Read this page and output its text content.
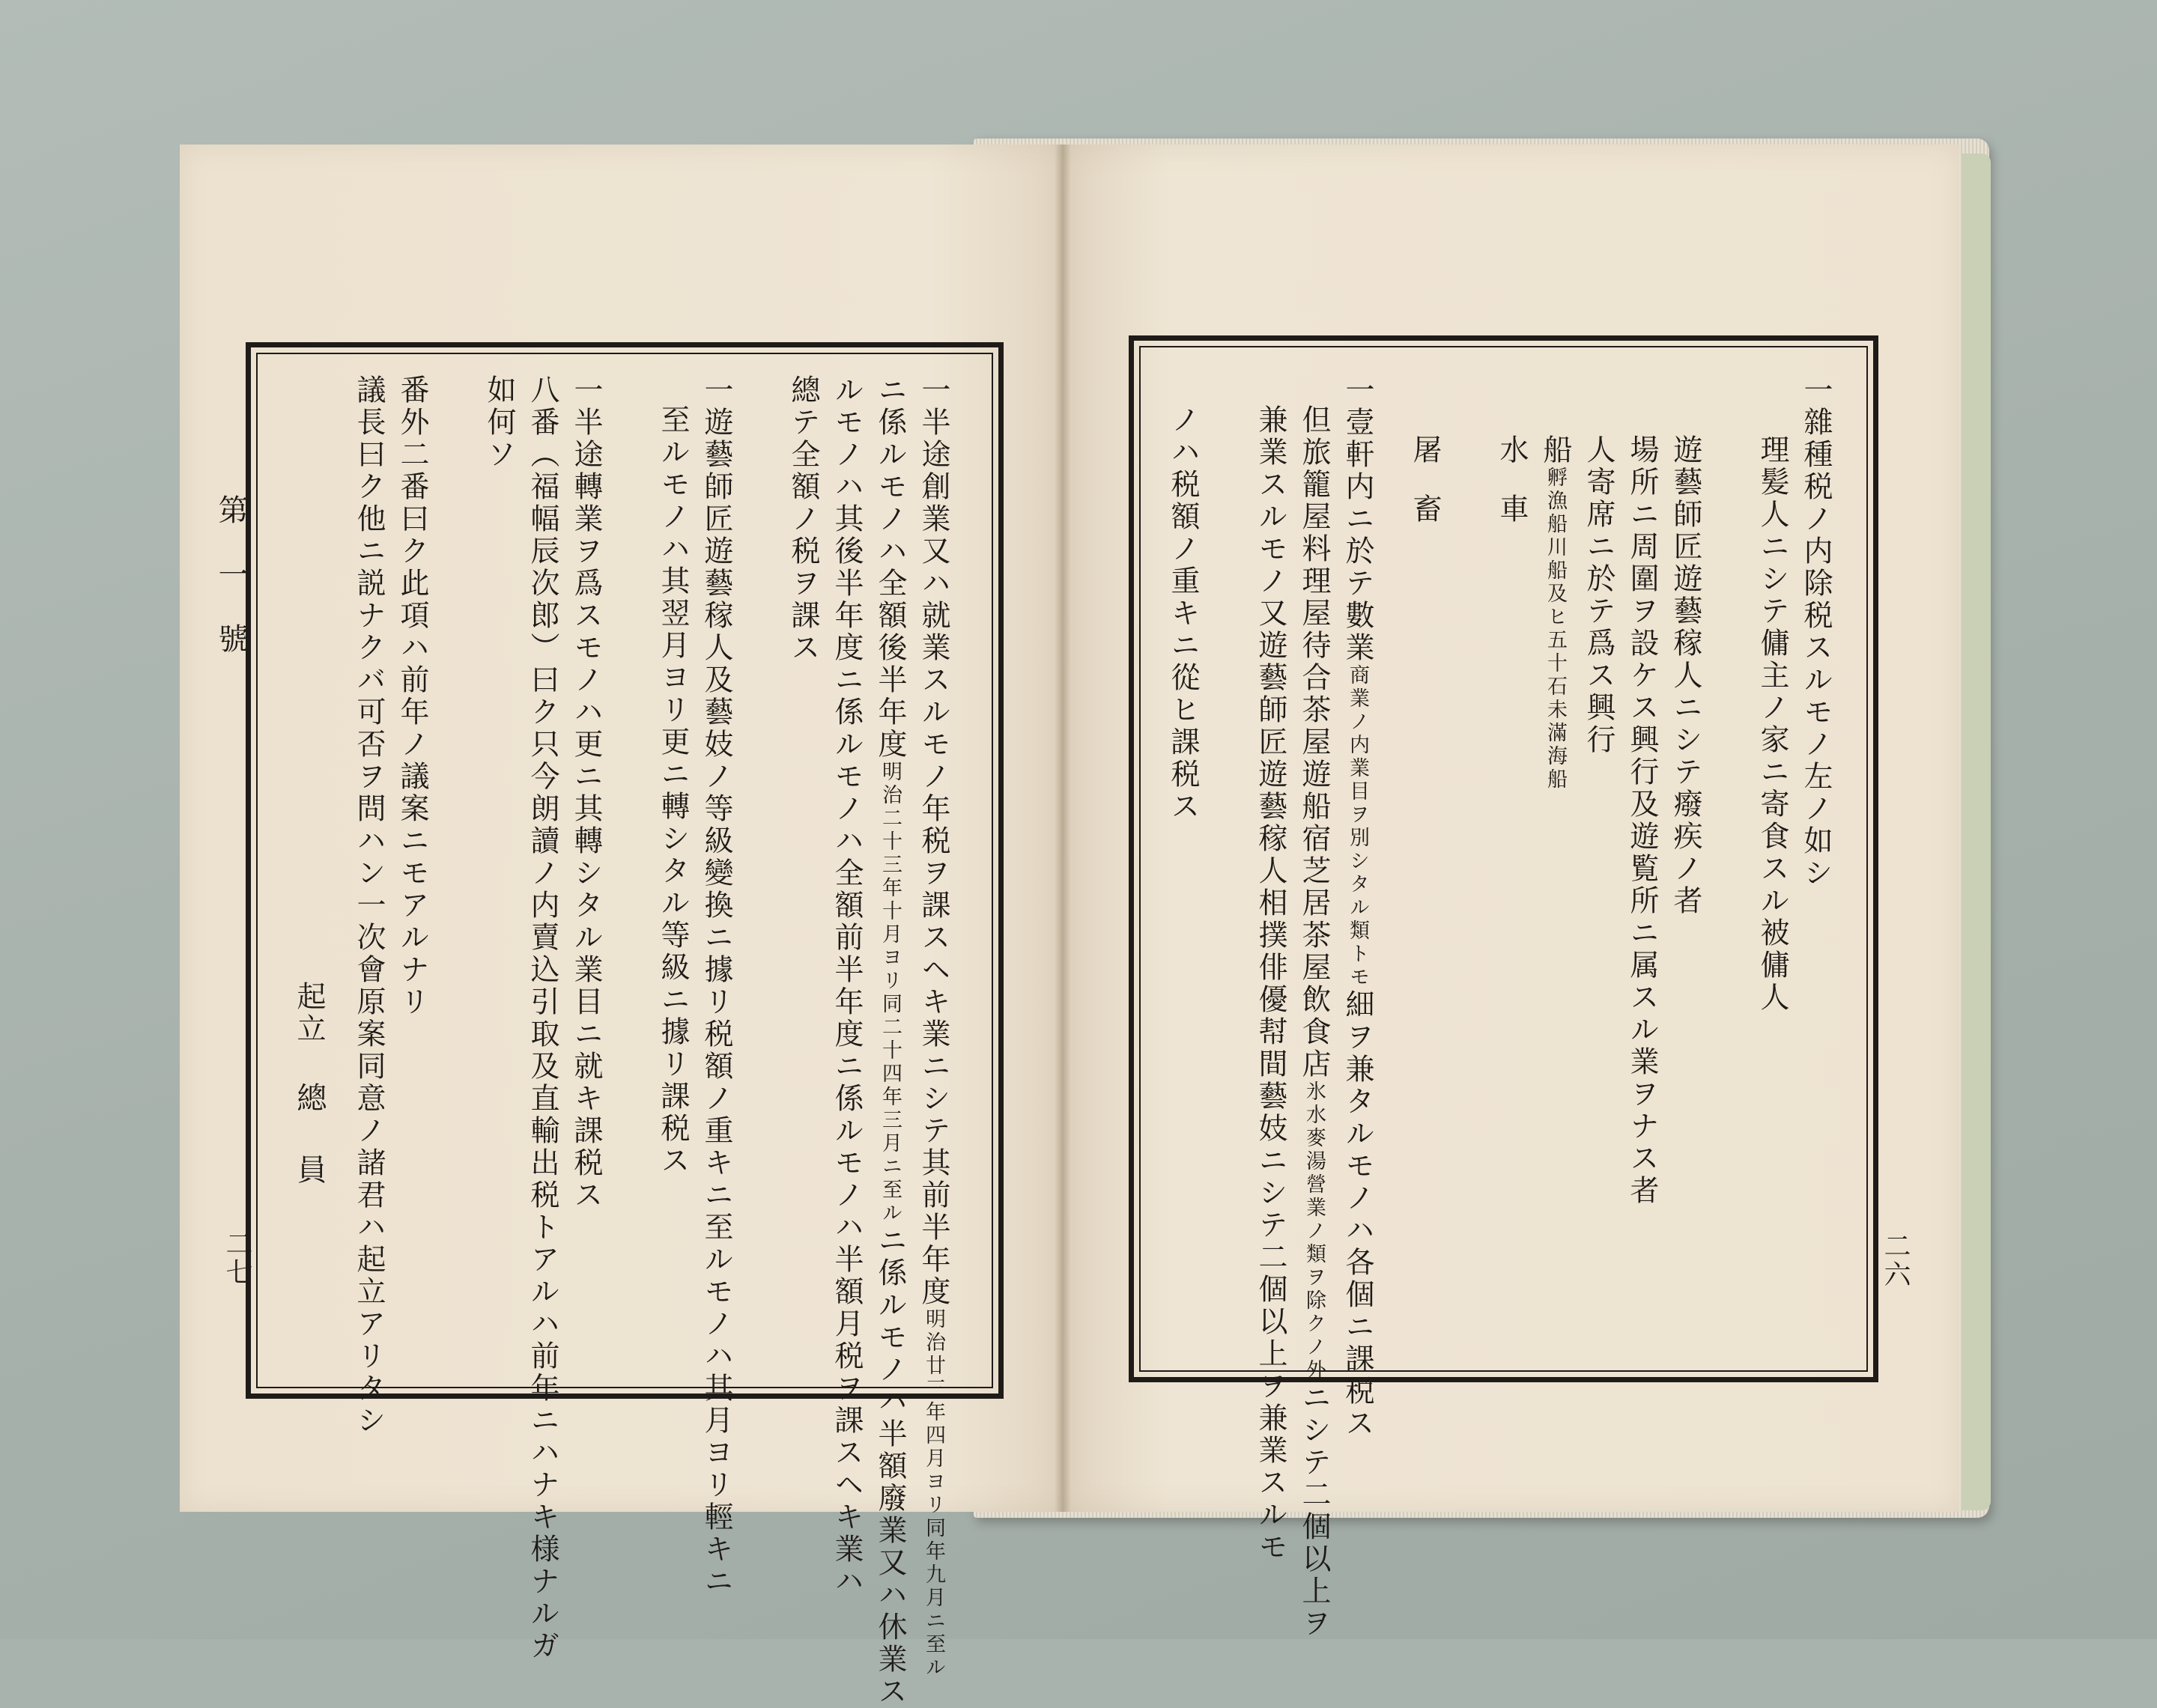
第一號
二七	一半途創業又ハ就業スルモノ年税ヲ課スヘキ業ニシテ其前半年度明治廿三年四月ヨリ同年九月ニ至ル
ニ係ルモノハ全額後半年度明治二十三年十月ヨリ同二十四年三月ニ至ルニ係ルモノハ半額廢業又ハ休業ス
ルモノハ其後半年度ニ係ルモノハ全額前半年度ニ係ルモノハ半額月税ヲ課スヘキ業ハ
總テ全額ノ税ヲ課ス
一遊藝師匠遊藝稼人及藝妓ノ等級變換ニ據リ税額ノ重キニ至ルモノハ其月ヨリ輕キニ
至ルモノハ其翌月ヨリ更ニ轉シタル等級ニ據リ課税ス
一半途轉業ヲ爲スモノハ更ニ其轉シタル業目ニ就キ課税ス
八番（福幅辰次郎）曰ク只今朗讀ノ内賣込引取及直輸出税トアルハ前年ニハナキ様ナルガ
如何ソ
番外二番曰ク此項ハ前年ノ議案ニモアルナリ
議長曰ク他ニ説ナクバ可否ヲ問ハン一次會原案同意ノ諸君ハ起立アリタシ
起立
總員
二六
一雜種税ノ内除税スルモノ左ノ如シ
理髪人ニシテ傭主ノ家ニ寄食スル被傭人
遊藝師匠遊藝稼人ニシテ癈疾ノ者
場所ニ周圍ヲ設ケス興行及遊覧所ニ属スル業ヲナス者
人寄席ニ於テ爲ス興行
船孵漁船川船及ヒ五十石未滿海船
水車
屠畜
一壹軒内ニ於テ數業商業ノ内業目ヲ別シタル類トモ細ヲ兼タルモノハ各個ニ課税ス
但旅籠屋料理屋待合茶屋遊船宿芝居茶屋飲食店氷水麥湯營業ノ類ヲ除クノ外ニシテ二個以上ヲ
兼業スルモノ又遊藝師匠遊藝稼人相撲俳優幇間藝妓ニシテ二個以上ヲ兼業スルモ
ノハ税額ノ重キニ從ヒ課税ス
